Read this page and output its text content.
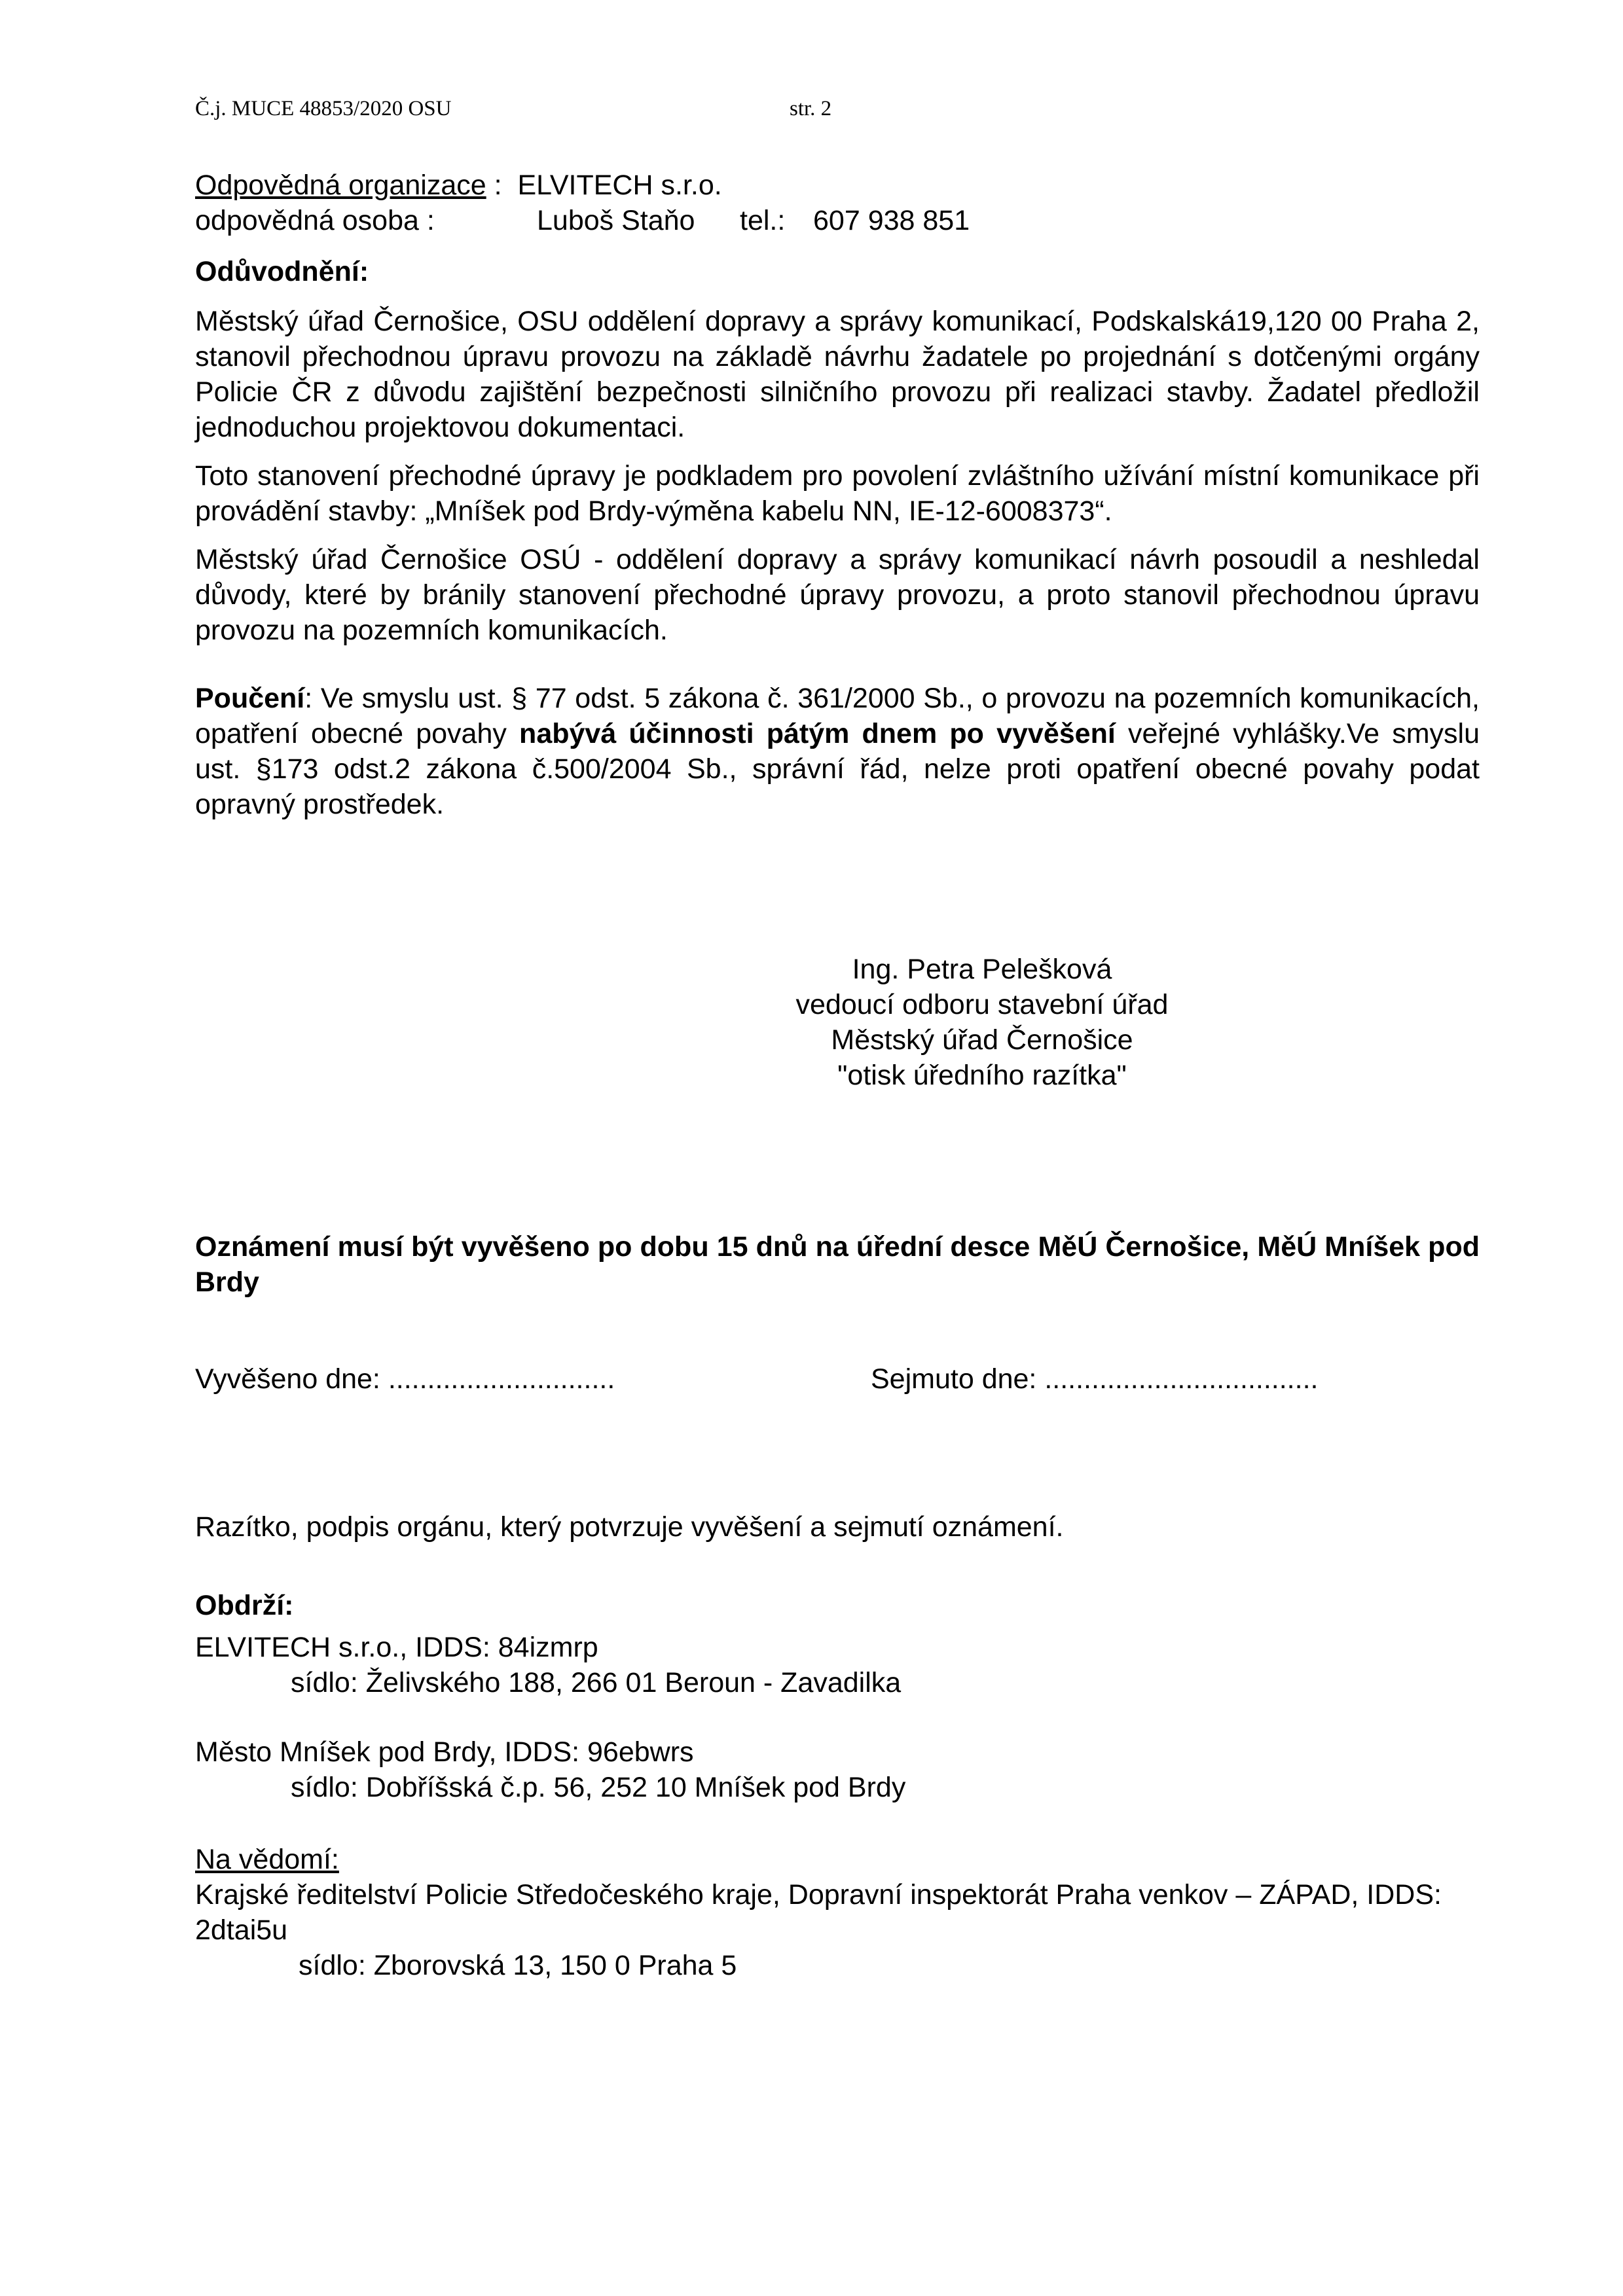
Č.j. MUCE 48853/2020 OSU	str. 2
Odpovědná organizace :  ELVITECH s.r.o.
odpovědná osoba :	Luboš Staňo tel.: 607 938 851
Odůvodnění:
Městský úřad Černošice, OSU oddělení dopravy a správy komunikací, Podskalská19,120 00 Praha 2, stanovil přechodnou úpravu provozu na základě návrhu žadatele po projednání s dotčenými orgány Policie ČR z důvodu zajištění bezpečnosti silničního provozu při realizaci stavby. Žadatel předložil jednoduchou projektovou dokumentaci.
Toto stanovení přechodné úpravy je podkladem pro povolení zvláštního užívání místní komunikace při provádění stavby: „Mníšek pod Brdy-výměna kabelu NN, IE-12-6008373“.
Městský úřad Černošice OSÚ - oddělení dopravy a správy komunikací návrh posoudil a neshledal důvody, které by bránily stanovení přechodné úpravy provozu, a proto stanovil přechodnou úpravu provozu na pozemních komunikacích.
Poučení: Ve smyslu ust. § 77 odst. 5 zákona č. 361/2000 Sb., o provozu na pozemních komunikacích, opatření obecné povahy nabývá účinnosti pátým dnem po vyvěšení veřejné vyhlášky.Ve smyslu ust. §173 odst.2 zákona č.500/2004 Sb., správní řád, nelze proti opatření obecné povahy podat opravný prostředek.
Ing. Petra Pelešková
vedoucí odboru stavební úřad
Městský úřad Černošice
"otisk úředního razítka"
Oznámení musí být vyvěšeno po dobu 15 dnů na úřední desce MěÚ Černošice, MěÚ Mníšek pod Brdy
Vyvěšeno dne: .............................	Sejmuto dne: ...................................
Razítko, podpis orgánu, který potvrzuje vyvěšení a sejmutí oznámení.
Obdrží:
ELVITECH s.r.o., IDDS: 84izmrp
sídlo: Želivského 188, 266 01 Beroun - Zavadilka
Město Mníšek pod Brdy, IDDS: 96ebwrs
sídlo: Dobříšská č.p. 56, 252 10 Mníšek pod Brdy
Na vědomí:
Krajské ředitelství Policie Středočeského kraje, Dopravní inspektorát Praha venkov – ZÁPAD, IDDS: 2dtai5u
sídlo: Zborovská 13, 150 0 Praha 5
